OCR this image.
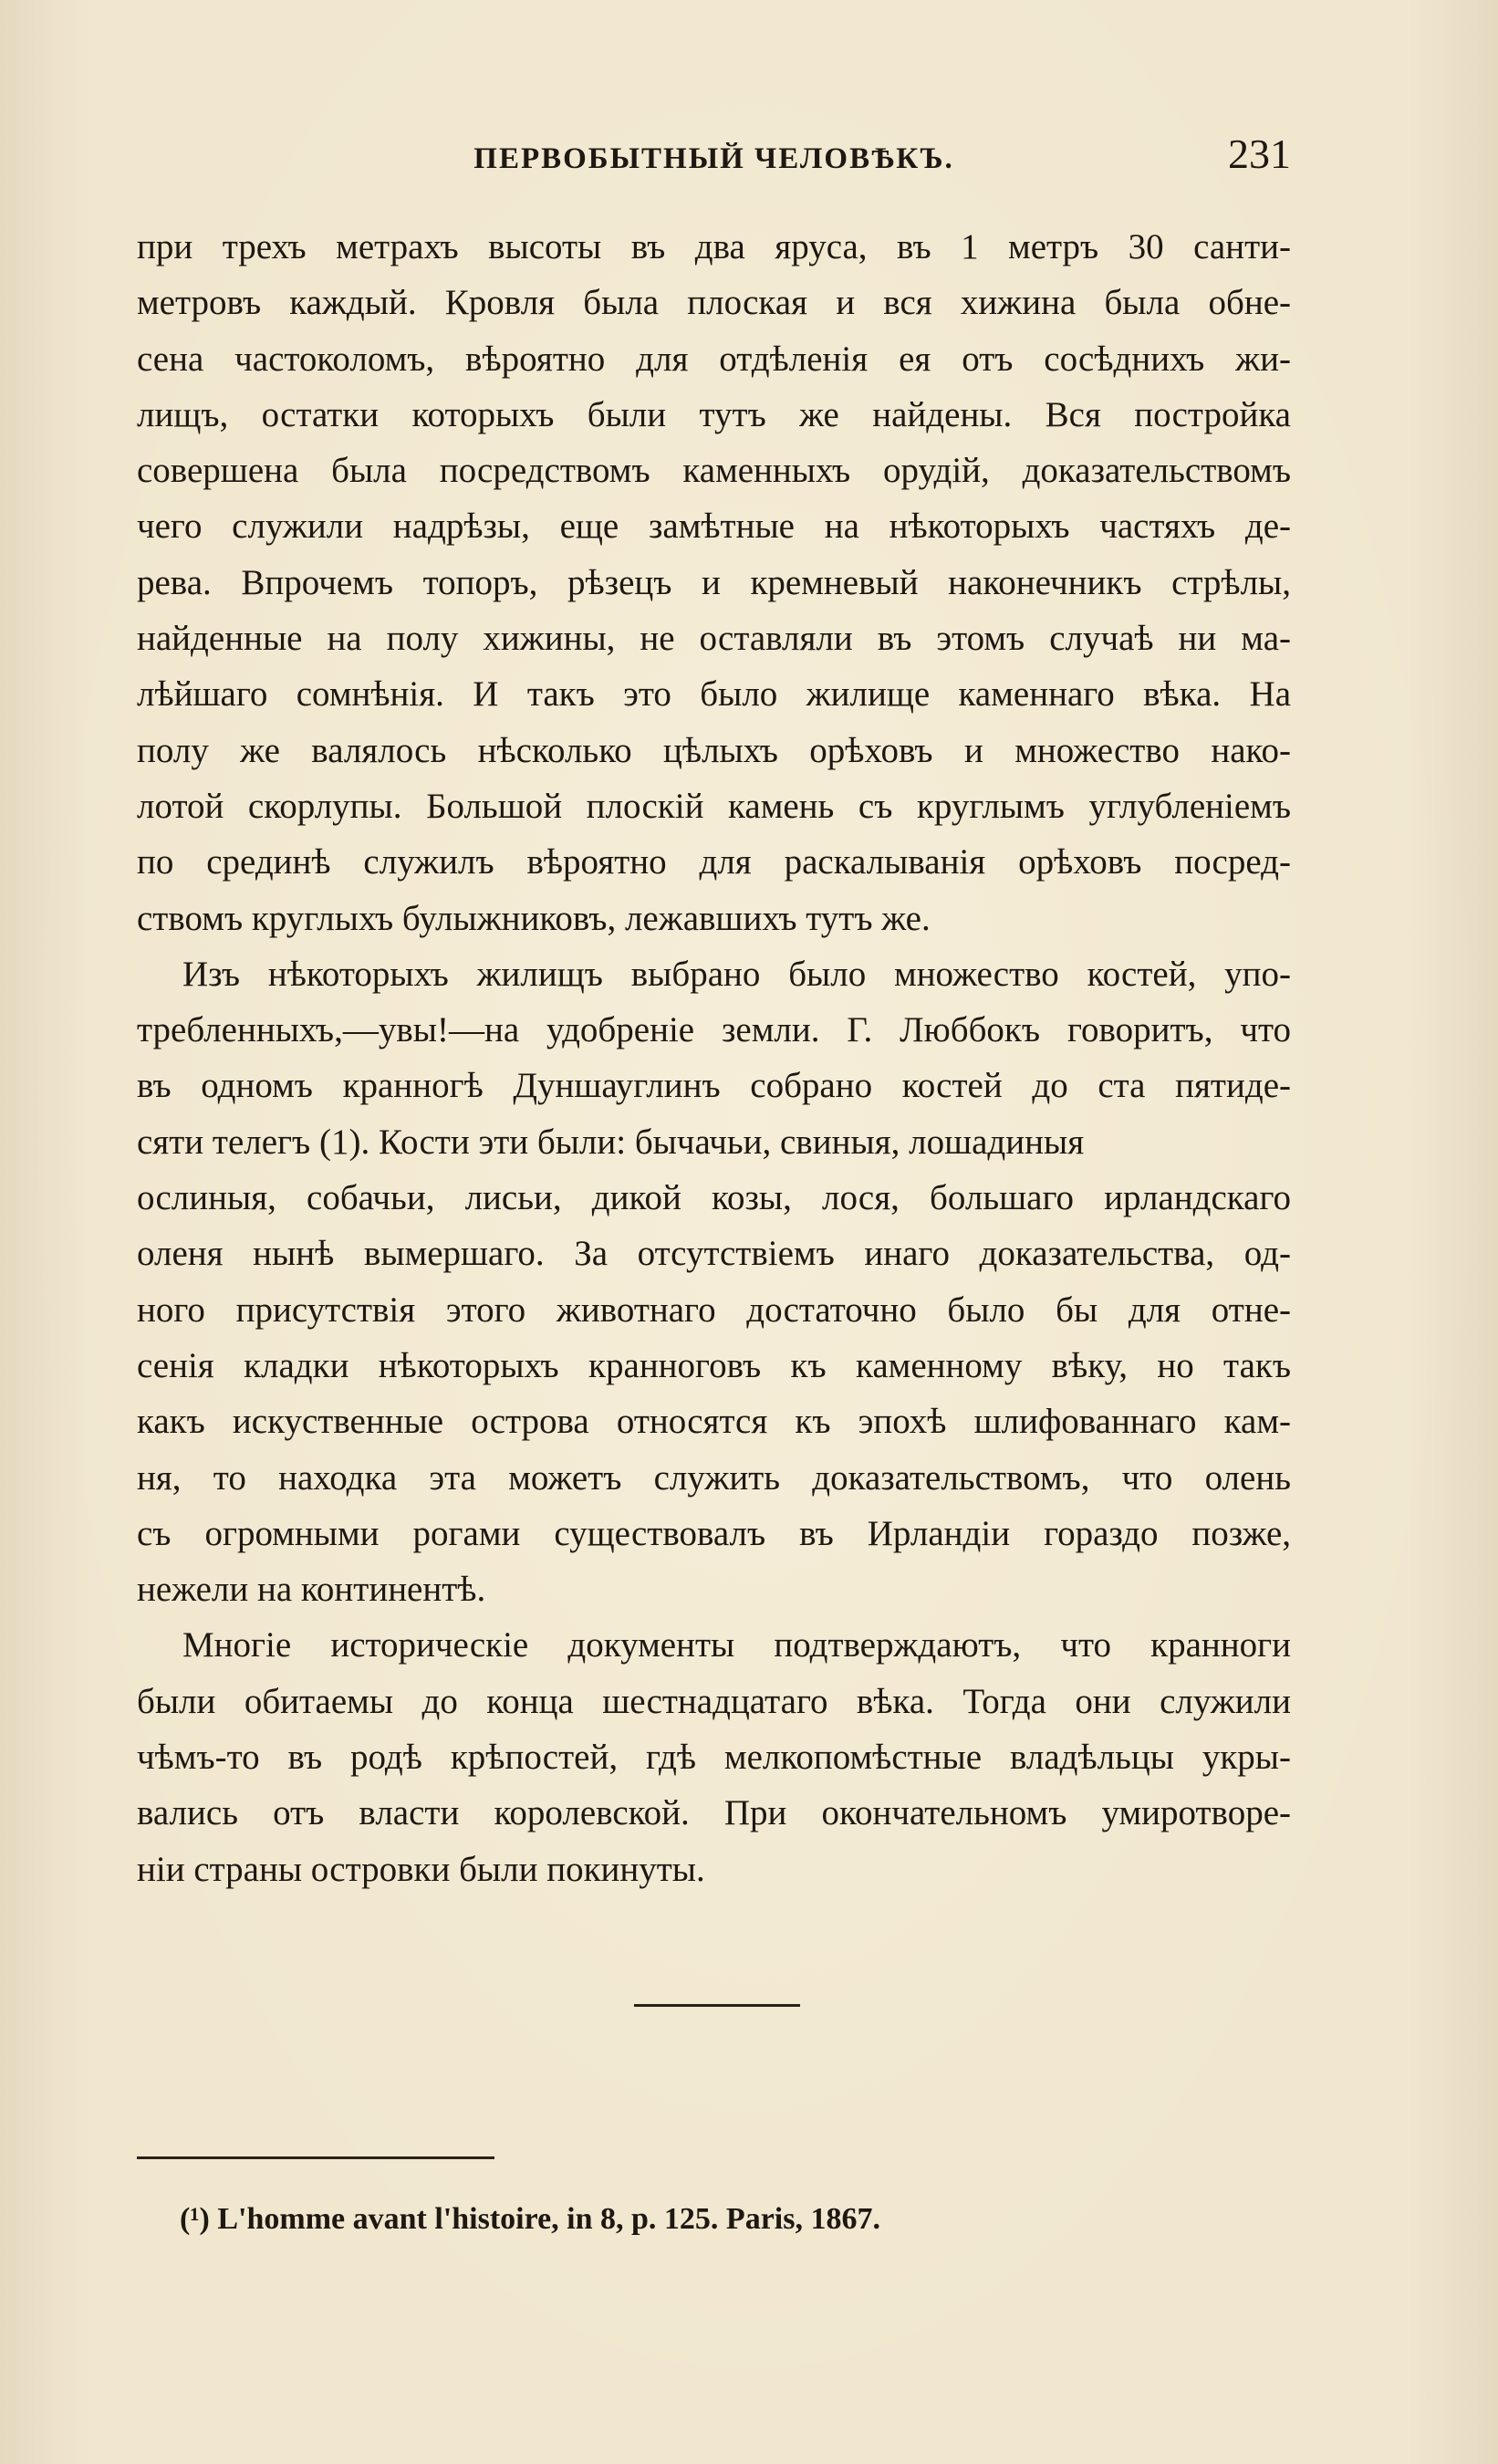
ПЕРВОБЫТНЫЙ ЧЕЛОВѢКЪ.	231
при трехъ метрахъ высоты въ два яруса, въ 1 метръ 30 санти-
метровъ каждый. Кровля была плоская и вся хижина была обне-
сена частоколомъ, вѣроятно для отдѣленія ея отъ сосѣднихъ жи-
лищъ, остатки которыхъ были тутъ же найдены. Вся постройка
совершена была посредствомъ каменныхъ орудій, доказательствомъ
чего служили надрѣзы, еще замѣтные на нѣкоторыхъ частяхъ де-
рева. Впрочемъ топоръ, рѣзецъ и кремневый наконечникъ стрѣлы,
найденные на полу хижины, не оставляли въ этомъ случаѣ ни ма-
лѣйшаго сомнѣнія. И такъ это было жилище каменнаго вѣка. На
полу же валялось нѣсколько цѣлыхъ орѣховъ и множество нако-
лотой скорлупы. Большой плоскій камень съ круглымъ углубленіемъ
по срединѣ служилъ вѣроятно для раскалыванія орѣховъ посред-
ствомъ круглыхъ булыжниковъ, лежавшихъ тутъ же.
Изъ нѣкоторыхъ жилищъ выбрано было множество костей, упо-
требленныхъ,—увы!—на удобреніе земли. Г. Люббокъ говоритъ, что
въ одномъ кранногѣ Дуншауглинъ собрано костей до ста пятиде-
сяти телегъ (1). Кости эти были: бычачьи, свиныя, лошадиныя
ослиныя, собачьи, лисьи, дикой козы, лося, большаго ирландскаго
оленя нынѣ вымершаго. За отсутствіемъ инаго доказательства, од-
ного присутствія этого животнаго достаточно было бы для отне-
сенія кладки нѣкоторыхъ кранноговъ къ каменному вѣку, но такъ
какъ искуственные острова относятся къ эпохѣ шлифованнаго кам-
ня, то находка эта можетъ служить доказательствомъ, что олень
съ огромными рогами существовалъ въ Ирландіи гораздо позже,
нежели на континентѣ.
Многіе историческіе документы подтверждаютъ, что кранноги
были обитаемы до конца шестнадцатаго вѣка. Тогда они служили
чѣмъ-то въ родѣ крѣпостей, гдѣ мелкопомѣстные владѣльцы укры-
вались отъ власти королевской. При окончательномъ умиротворе-
ніи страны островки были покинуты.
(¹) L'homme avant l'histoire, in 8, p. 125. Paris, 1867.
